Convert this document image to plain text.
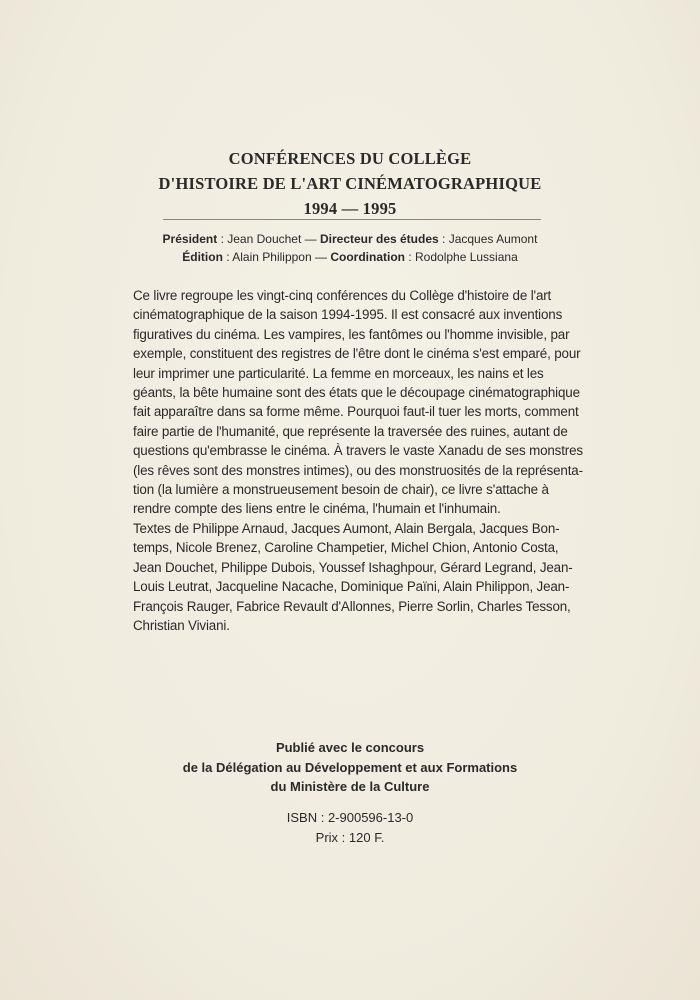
CONFÉRENCES DU COLLÈGE
D'HISTOIRE DE L'ART CINÉMATOGRAPHIQUE
1994 — 1995
Président : Jean Douchet — Directeur des études : Jacques Aumont
Édition : Alain Philippon — Coordination : Rodolphe Lussiana
Ce livre regroupe les vingt-cinq conférences du Collège d'histoire de l'art
cinématographique de la saison 1994-1995. Il est consacré aux inventions
figuratives du cinéma. Les vampires, les fantômes ou l'homme invisible, par
exemple, constituent des registres de l'être dont le cinéma s'est emparé, pour
leur imprimer une particularité. La femme en morceaux, les nains et les
géants, la bête humaine sont des états que le découpage cinématographique
fait apparaître dans sa forme même. Pourquoi faut-il tuer les morts, comment
faire partie de l'humanité, que représente la traversée des ruines, autant de
questions qu'embrasse le cinéma. À travers le vaste Xanadu de ses monstres
(les rêves sont des monstres intimes), ou des monstruosités de la représenta-
tion (la lumière a monstrueusement besoin de chair), ce livre s'attache à
rendre compte des liens entre le cinéma, l'humain et l'inhumain.
Textes de Philippe Arnaud, Jacques Aumont, Alain Bergala, Jacques Bon-
temps, Nicole Brenez, Caroline Champetier, Michel Chion, Antonio Costa,
Jean Douchet, Philippe Dubois, Youssef Ishaghpour, Gérard Legrand, Jean-
Louis Leutrat, Jacqueline Nacache, Dominique Païni, Alain Philippon, Jean-
François Rauger, Fabrice Revault d'Allonnes, Pierre Sorlin, Charles Tesson,
Christian Viviani.
Publié avec le concours
de la Délégation au Développement et aux Formations
du Ministère de la Culture
ISBN : 2-900596-13-0
Prix : 120 F.
